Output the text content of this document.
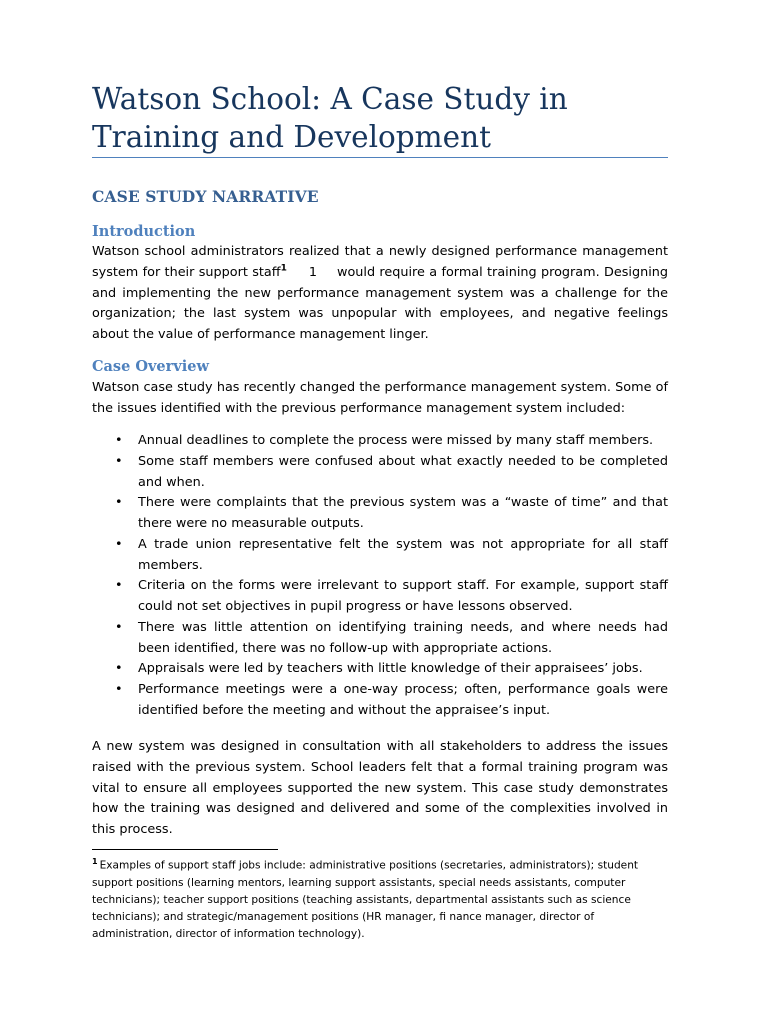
Watson School: A Case Study in Training and Development
CASE STUDY NARRATIVE
Introduction

Watson school administrators realized that a newly designed performance management system for their support staff$^1$ 1 would require a formal training program. Designing and implementing the new performance management system was a challenge for the organization; the last system was unpopular with employees, and negative feelings about the value of performance management linger.

Case Overview

Watson case study has recently changed the performance management system. Some of the issues identified with the previous performance management system included:

• Annual deadlines to complete the process were missed by many staff members.
• Some staff members were confused about what exactly needed to be completed and when.
• There were complaints that the previous system was a “waste of time” and that there were no measurable outputs.
• A trade union representative felt the system was not appropriate for all staff members.
• Criteria on the forms were irrelevant to support staff. For example, support staff could not set objectives in pupil progress or have lessons observed.
• There was little attention on identifying training needs, and where needs had been identified, there was no follow-up with appropriate actions.
• Appraisals were led by teachers with little knowledge of their appraisees’ jobs.
• Performance meetings were a one-way process; often, performance goals were identified before the meeting and without the appraisee’s input.

A new system was designed in consultation with all stakeholders to address the issues raised with the previous system. School leaders felt that a formal training program was vital to ensure all employees supported the new system. This case study demonstrates how the training was designed and delivered and some of the complexities involved in this process.

$^1$ Examples of support staff jobs include: administrative positions (secretaries, administrators); student support positions (learning mentors, learning support assistants, special needs assistants, computer technicians); teacher support positions (teaching assistants, departmental assistants such as science technicians); and strategic/management positions (HR manager, fi nance manager, director of administration, director of information technology).
